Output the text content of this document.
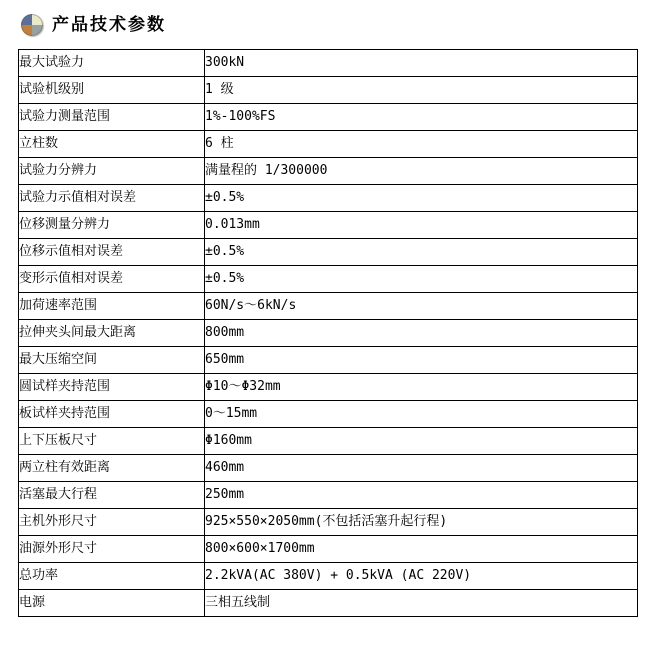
产品技术参数
最大试验力	300kN
试验机级别	1 级
试验力测量范围	1%-100%FS
立柱数	6 柱
试验力分辨力	满量程的 1/300000
试验力示值相对误差	±0.5%
位移测量分辨力	0.013mm
位移示值相对误差	±0.5%
变形示值相对误差	±0.5%
加荷速率范围	60N/s～6kN/s
拉伸夹头间最大距离	800mm
最大压缩空间	650mm
圆试样夹持范围	Φ10～Φ32mm
板试样夹持范围	0～15mm
上下压板尺寸	Φ160mm
两立柱有效距离	460mm
活塞最大行程	250mm
主机外形尺寸	925×550×2050mm(不包括活塞升起行程)
油源外形尺寸	800×600×1700mm
总功率	2.2kVA(AC 380V) + 0.5kVA (AC 220V)
电源	三相五线制
